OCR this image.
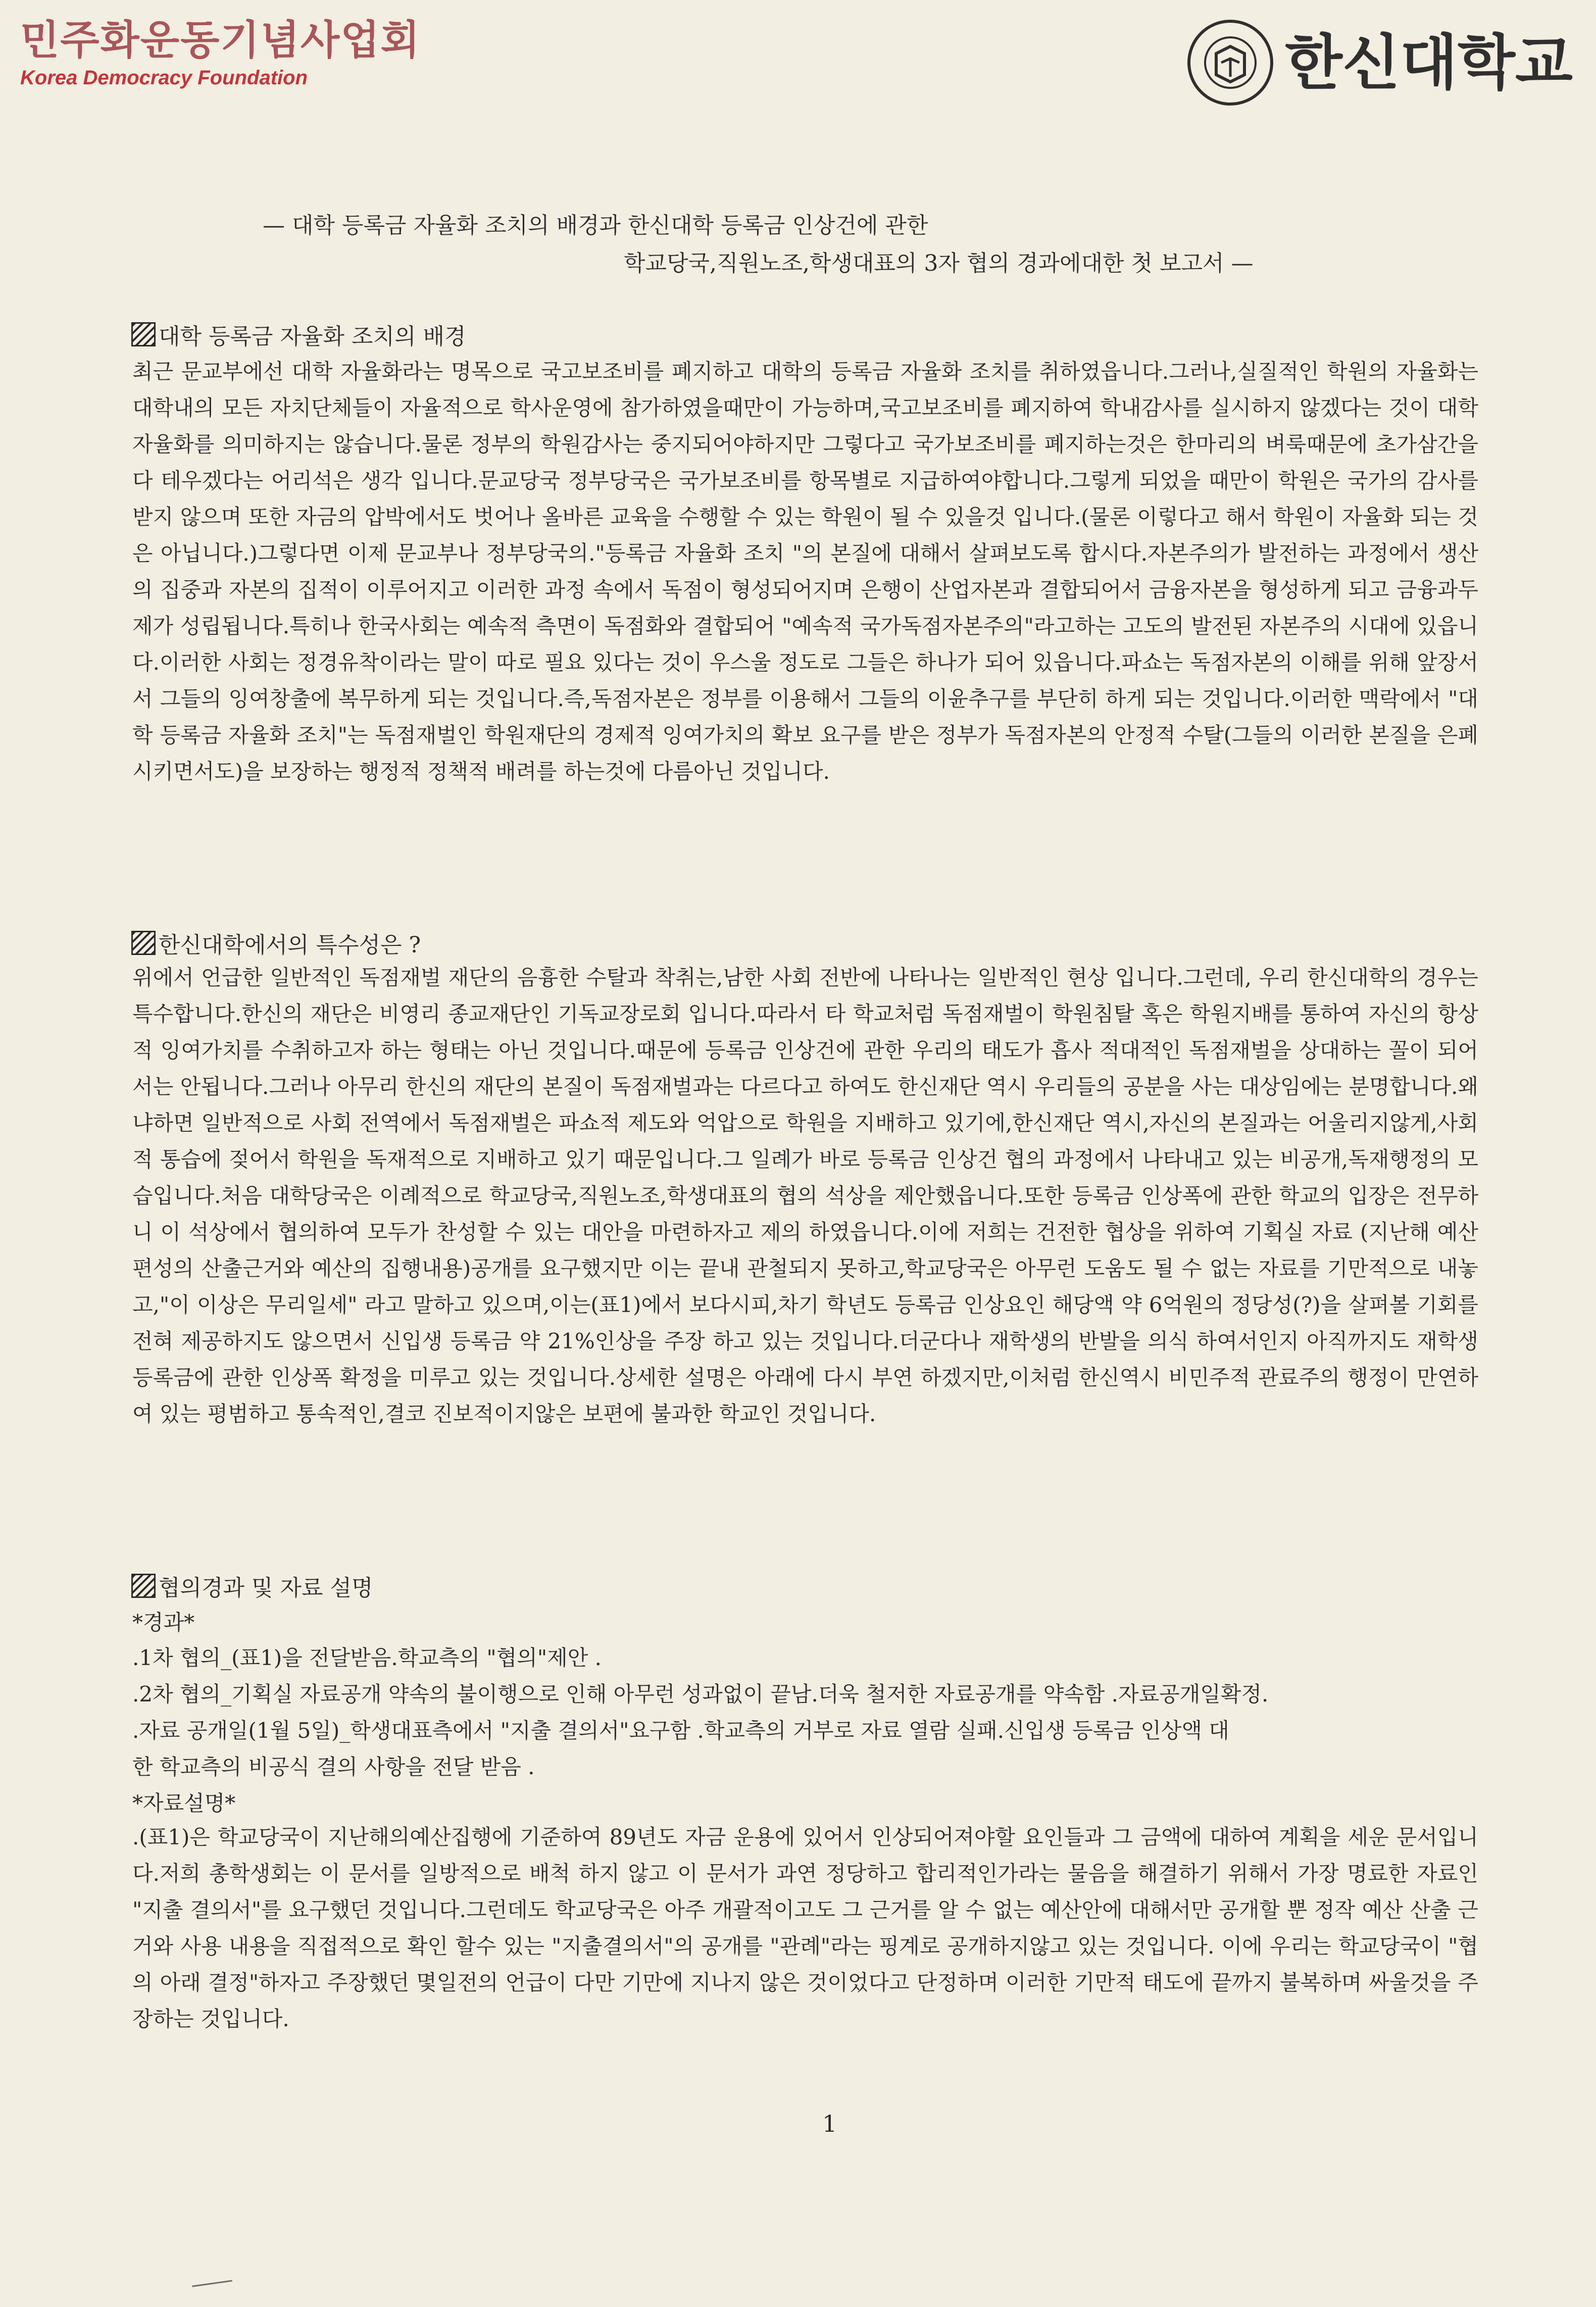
민주화운동기념사업회
Korea Democracy Foundation	한신대학교
— 대학 등록금 자율화 조치의 배경과 한신대학 등록금 인상건에 관한
학교당국,직원노조,학생대표의 3자 협의 경과에대한 첫 보고서 —
대학 등록금 자율화 조치의 배경

최근 문교부에선 대학 자율화라는 명목으로 국고보조비를 폐지하고 대학의 등록금 자율화 조치를 취하였읍니다.그러나,실질적인 학원의 자율화는 대학내의 모든 자치단체들이 자율적으로 학사운영에 참가하였을때만이 가능하며,국고보조비를 폐지하여 학내감사를 실시하지 않겠다는 것이 대학 자율화를 의미하지는 않습니다.물론 정부의 학원감사는 중지되어야하지만 그렇다고 국가보조비를 폐지하는것은 한마리의 벼룩때문에 초가삼간을 다 테우겠다는 어리석은 생각 입니다.문교당국 정부당국은 국가보조비를 항목별로 지급하여야합니다.그렇게 되었을 때만이 학원은 국가의 감사를 받지 않으며 또한 자금의 압박에서도 벗어나 올바른 교육을 수행할 수 있는 학원이 될 수 있을것 입니다.(물론 이렇다고 해서 학원이 자율화 되는 것은 아닙니다.)그렇다면 이제 문교부나 정부당국의."등록금 자율화 조치 "의 본질에 대해서 살펴보도록 합시다.자본주의가 발전하는 과정에서 생산의 집중과 자본의 집적이 이루어지고 이러한 과정 속에서 독점이 형성되어지며 은행이 산업자본과 결합되어서 금융자본을 형성하게 되고 금융과두제가 성립됩니다.특히나 한국사회는 예속적 측면이 독점화와 결합되어 "예속적 국가독점자본주의"라고하는 고도의 발전된 자본주의 시대에 있읍니다.이러한 사회는 정경유착이라는 말이 따로 필요 있다는 것이 우스울 정도로 그들은 하나가 되어 있읍니다.파쇼는 독점자본의 이해를 위해 앞장서서 그들의 잉여창출에 복무하게 되는 것입니다.즉,독점자본은 정부를 이용해서 그들의 이윤추구를 부단히 하게 되는 것입니다.이러한 맥락에서 "대학 등록금 자율화 조치"는 독점재벌인 학원재단의 경제적 잉여가치의 확보 요구를 받은 정부가 독점자본의 안정적 수탈(그들의 이러한 본질을 은폐시키면서도)을 보장하는 행정적 정책적 배려를 하는것에 다름아닌 것입니다.

한신대학에서의 특수성은 ?

위에서 언급한 일반적인 독점재벌 재단의 음흉한 수탈과 착취는,남한 사회 전반에 나타나는 일반적인 현상 입니다.그런데, 우리 한신대학의 경우는 특수합니다.한신의 재단은 비영리 종교재단인 기독교장로회 입니다.따라서 타 학교처럼 독점재벌이 학원침탈 혹은 학원지배를 통하여 자신의 항상적 잉여가치를 수취하고자 하는 형태는 아닌 것입니다.때문에 등록금 인상건에 관한 우리의 태도가 흡사 적대적인 독점재벌을 상대하는 꼴이 되어서는 안됩니다.그러나 아무리 한신의 재단의 본질이 독점재벌과는 다르다고 하여도 한신재단 역시 우리들의 공분을 사는 대상임에는 분명합니다.왜냐하면 일반적으로 사회 전역에서 독점재벌은 파쇼적 제도와 억압으로 학원을 지배하고 있기에,한신재단 역시,자신의 본질과는 어울리지않게,사회적 통습에 젖어서 학원을 독재적으로 지배하고 있기 때문입니다.그 일례가 바로 등록금 인상건 협의 과정에서 나타내고 있는 비공개,독재행정의 모습입니다.처음 대학당국은 이례적으로 학교당국,직원노조,학생대표의 협의 석상을 제안했읍니다.또한 등록금 인상폭에 관한 학교의 입장은 전무하니 이 석상에서 협의하여 모두가 찬성할 수 있는 대안을 마련하자고 제의 하였읍니다.이에 저희는 건전한 협상을 위하여 기획실 자료 (지난해 예산편성의 산출근거와 예산의 집행내용)공개를 요구했지만 이는 끝내 관철되지 못하고,학교당국은 아무런 도움도 될 수 없는 자료를 기만적으로 내놓고,"이 이상은 무리일세" 라고 말하고 있으며,이는(표1)에서 보다시피,차기 학년도 등록금 인상요인 해당액 약 6억원의 정당성(?)을 살펴볼 기회를 전혀 제공하지도 않으면서 신입생 등록금 약 21%인상을 주장 하고 있는 것입니다.더군다나 재학생의 반발을 의식 하여서인지 아직까지도 재학생 등록금에 관한 인상폭 확정을 미루고 있는 것입니다.상세한 설명은 아래에 다시 부연 하겠지만,이처럼 한신역시 비민주적 관료주의 행정이 만연하여 있는 평범하고 통속적인,결코 진보적이지않은 보편에 불과한 학교인 것입니다.

협의경과 및 자료 설명
*경과*
.1차 협의_(표1)을 전달받음.학교측의 "협의"제안 .
.2차 협의_기획실 자료공개 약속의 불이행으로 인해 아무런 성과없이 끝남.더욱 철저한 자료공개를 약속함 .자료공개일확정.
.자료 공개일(1월 5일)_학생대표측에서 "지출 결의서"요구함 .학교측의 거부로 자료 열람 실패.신입생 등록금 인상액 대
한 학교측의 비공식 결의 사항을 전달 받음 .
*자료설명*

.(표1)은 학교당국이 지난해의예산집행에 기준하여 89년도 자금 운용에 있어서 인상되어져야할 요인들과 그 금액에 대하여 계획을 세운 문서입니다.저희 총학생회는 이 문서를 일방적으로 배척 하지 않고 이 문서가 과연 정당하고 합리적인가라는 물음을 해결하기 위해서 가장 명료한 자료인 "지출 결의서"를 요구했던 것입니다.그런데도 학교당국은 아주 개괄적이고도 그 근거를 알 수 없는 예산안에 대해서만 공개할 뿐 정작 예산 산출 근거와 사용 내용을 직접적으로 확인 할수 있는 "지출결의서"의 공개를 "관례"라는 핑계로 공개하지않고 있는 것입니다. 이에 우리는 학교당국이 "협의 아래 결정"하자고 주장했던 몇일전의 언급이 다만 기만에 지나지 않은 것이었다고 단정하며 이러한 기만적 태도에 끝까지 불복하며 싸울것을 주장하는 것입니다.

1
